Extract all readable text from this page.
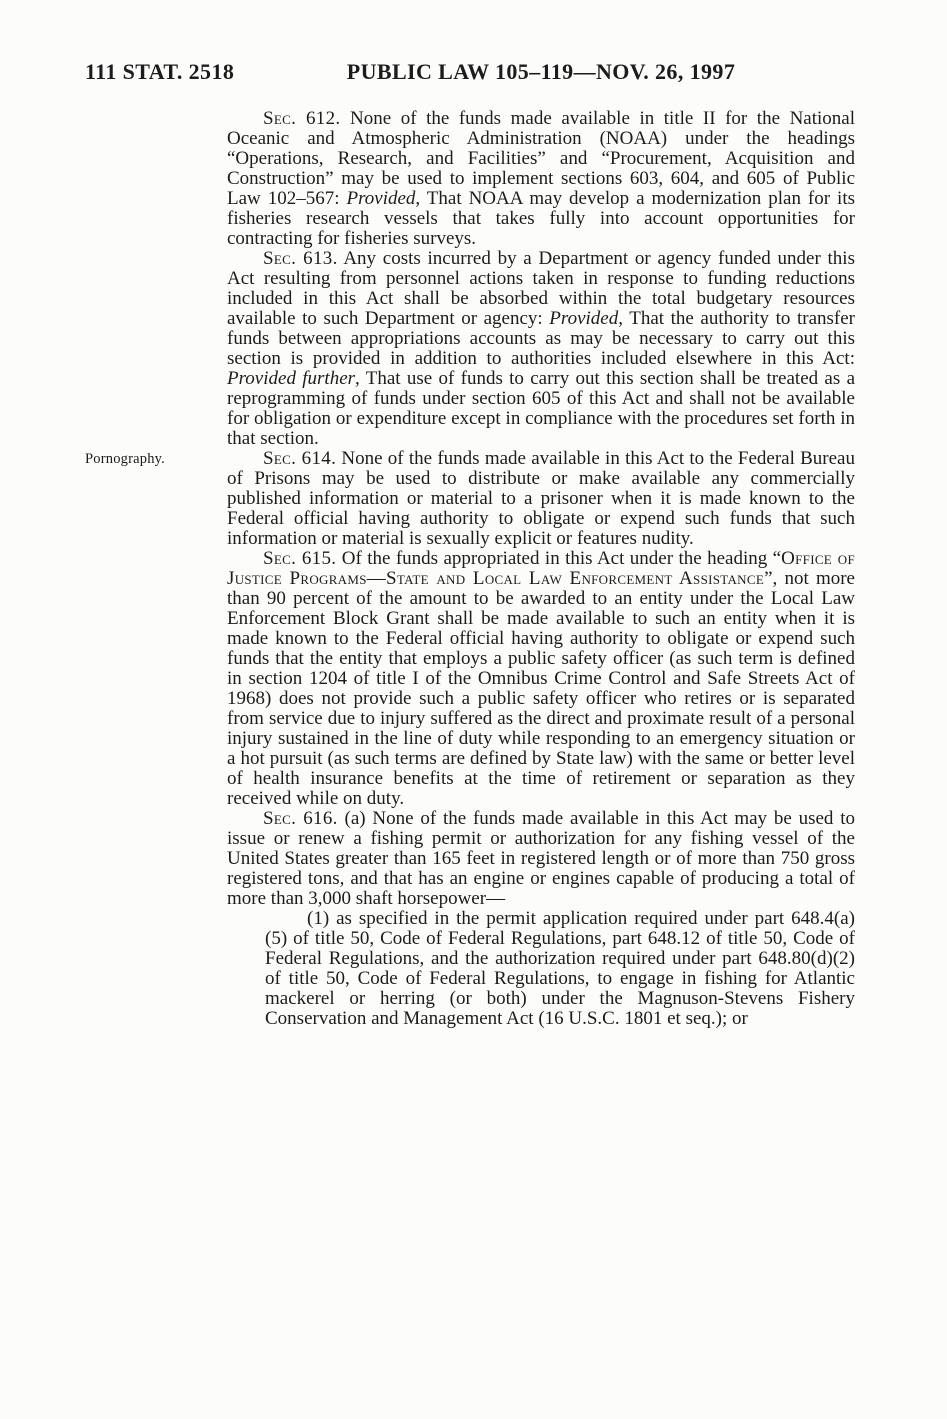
111 STAT. 2518	PUBLIC LAW 105–119—NOV. 26, 1997

Sec. 612. None of the funds made available in title II for the National Oceanic and Atmospheric Administration (NOAA) under the headings “Operations, Research, and Facilities” and “Procurement, Acquisition and Construction” may be used to implement sections 603, 604, and 605 of Public Law 102–567: Provided, That NOAA may develop a modernization plan for its fisheries research vessels that takes fully into account opportunities for contracting for fisheries surveys.

Sec. 613. Any costs incurred by a Department or agency funded under this Act resulting from personnel actions taken in response to funding reductions included in this Act shall be absorbed within the total budgetary resources available to such Department or agency: Provided, That the authority to transfer funds between appropriations accounts as may be necessary to carry out this section is provided in addition to authorities included elsewhere in this Act: Provided further, That use of funds to carry out this section shall be treated as a reprogramming of funds under section 605 of this Act and shall not be available for obligation or expenditure except in compliance with the procedures set forth in that section.

Pornography.	Sec. 614. None of the funds made available in this Act to the Federal Bureau of Prisons may be used to distribute or make available any commercially published information or material to a prisoner when it is made known to the Federal official having authority to obligate or expend such funds that such information or material is sexually explicit or features nudity.

Sec. 615. Of the funds appropriated in this Act under the heading “Office of Justice Programs—State and Local Law Enforcement Assistance”, not more than 90 percent of the amount to be awarded to an entity under the Local Law Enforcement Block Grant shall be made available to such an entity when it is made known to the Federal official having authority to obligate or expend such funds that the entity that employs a public safety officer (as such term is defined in section 1204 of title I of the Omnibus Crime Control and Safe Streets Act of 1968) does not provide such a public safety officer who retires or is separated from service due to injury suffered as the direct and proximate result of a personal injury sustained in the line of duty while responding to an emergency situation or a hot pursuit (as such terms are defined by State law) with the same or better level of health insurance benefits at the time of retirement or separation as they received while on duty.

Sec. 616. (a) None of the funds made available in this Act may be used to issue or renew a fishing permit or authorization for any fishing vessel of the United States greater than 165 feet in registered length or of more than 750 gross registered tons, and that has an engine or engines capable of producing a total of more than 3,000 shaft horsepower—

(1) as specified in the permit application required under part 648.4(a)(5) of title 50, Code of Federal Regulations, part 648.12 of title 50, Code of Federal Regulations, and the authorization required under part 648.80(d)(2) of title 50, Code of Federal Regulations, to engage in fishing for Atlantic mackerel or herring (or both) under the Magnuson-Stevens Fishery Conservation and Management Act (16 U.S.C. 1801 et seq.); or
